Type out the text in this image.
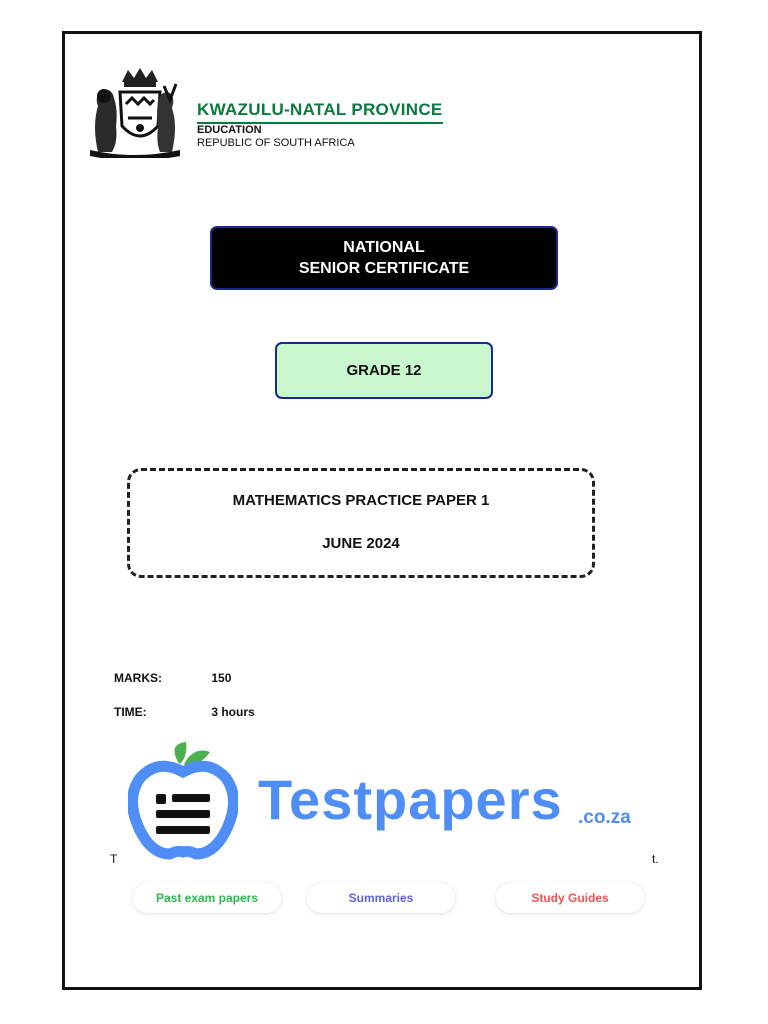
KWAZULU-NATAL PROVINCE
EDUCATION
REPUBLIC OF SOUTH AFRICA
NATIONAL
SENIOR CERTIFICATE
GRADE 12
MATHEMATICS PRACTICE PAPER 1
JUNE 2024
MARKS:	150
TIME:	3 hours
Testpapers .co.za
T	t.
Past exam papers	Summaries	Study Guides
